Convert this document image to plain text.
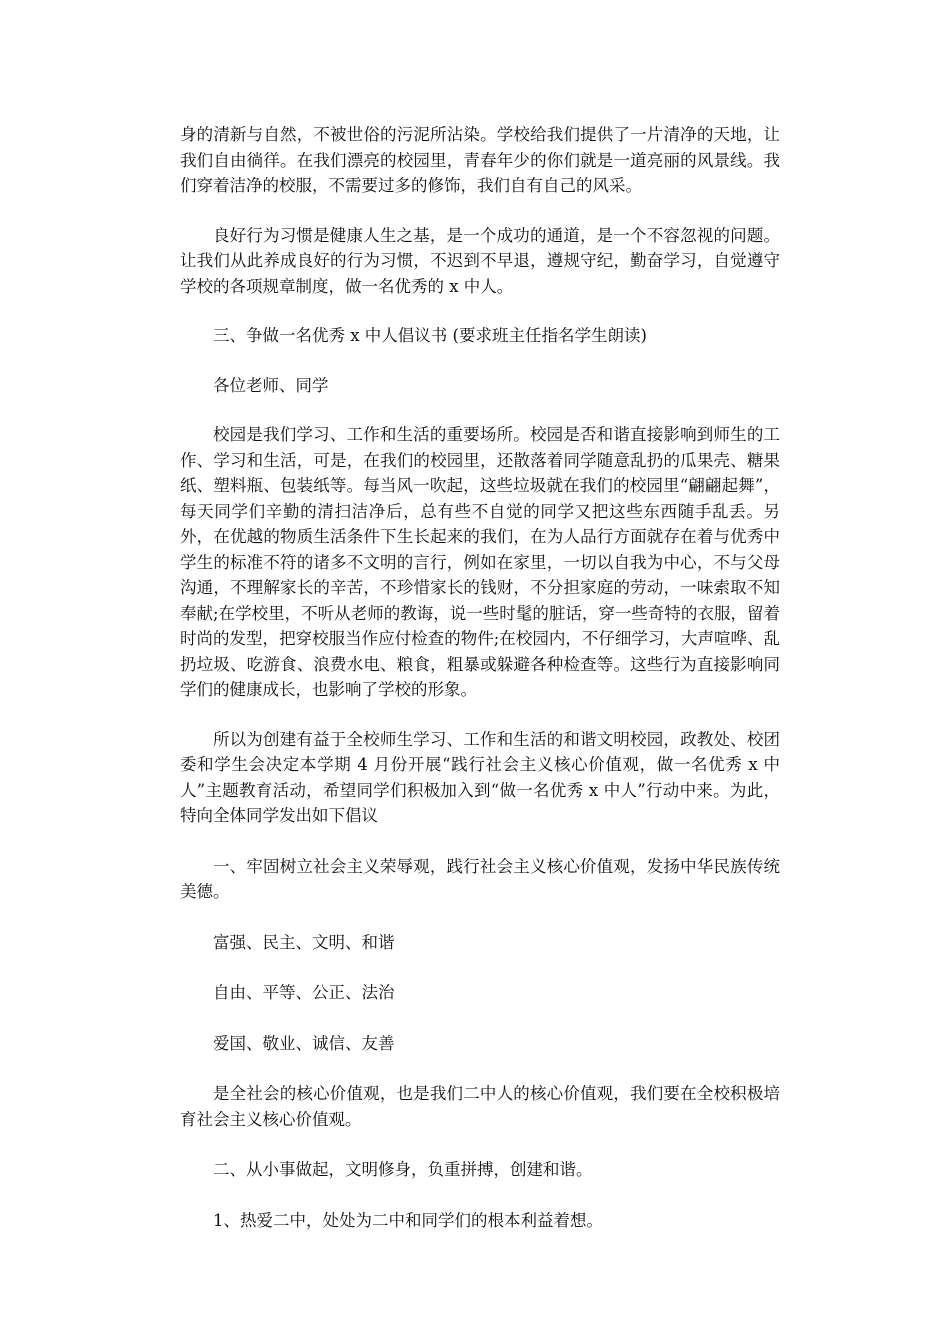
身的清新与自然，不被世俗的污泥所沾染。学校给我们提供了一片清净的天地，让我们自由徜徉。在我们漂亮的校园里，青春年少的你们就是一道亮丽的风景线。我们穿着洁净的校服，不需要过多的修饰，我们自有自己的风采。

良好行为习惯是健康人生之基，是一个成功的通道，是一个不容忽视的问题。让我们从此养成良好的行为习惯，不迟到不早退，遵规守纪，勤奋学习，自觉遵守学校的各项规章制度，做一名优秀的 x 中人。

三、争做一名优秀 x 中人倡议书 (要求班主任指名学生朗读)

各位老师、同学

校园是我们学习、工作和生活的重要场所。校园是否和谐直接影响到师生的工作、学习和生活，可是，在我们的校园里，还散落着同学随意乱扔的瓜果壳、糖果纸、塑料瓶、包装纸等。每当风一吹起，这些垃圾就在我们的校园里“翩翩起舞”，每天同学们辛勤的清扫洁净后，总有些不自觉的同学又把这些东西随手乱丢。另外，在优越的物质生活条件下生长起来的我们，在为人品行方面就存在着与优秀中学生的标准不符的诸多不文明的言行，例如在家里，一切以自我为中心，不与父母沟通，不理解家长的辛苦，不珍惜家长的钱财，不分担家庭的劳动，一味索取不知奉献;在学校里，不听从老师的教诲，说一些时髦的脏话，穿一些奇特的衣服，留着时尚的发型，把穿校服当作应付检查的物件;在校园内，不仔细学习，大声喧哗、乱扔垃圾、吃游食、浪费水电、粮食，粗暴或躲避各种检查等。这些行为直接影响同学们的健康成长，也影响了学校的形象。

所以为创建有益于全校师生学习、工作和生活的和谐文明校园，政教处、校团委和学生会决定本学期 4 月份开展“践行社会主义核心价值观，做一名优秀 x 中人”主题教育活动，希望同学们积极加入到“做一名优秀 x 中人”行动中来。为此，特向全体同学发出如下倡议

一、牢固树立社会主义荣辱观，践行社会主义核心价值观，发扬中华民族传统美德。

富强、民主、文明、和谐

自由、平等、公正、法治

爱国、敬业、诚信、友善

是全社会的核心价值观，也是我们二中人的核心价值观，我们要在全校积极培育社会主义核心价值观。

二、从小事做起，文明修身，负重拼搏，创建和谐。

1、热爱二中，处处为二中和同学们的根本利益着想。
